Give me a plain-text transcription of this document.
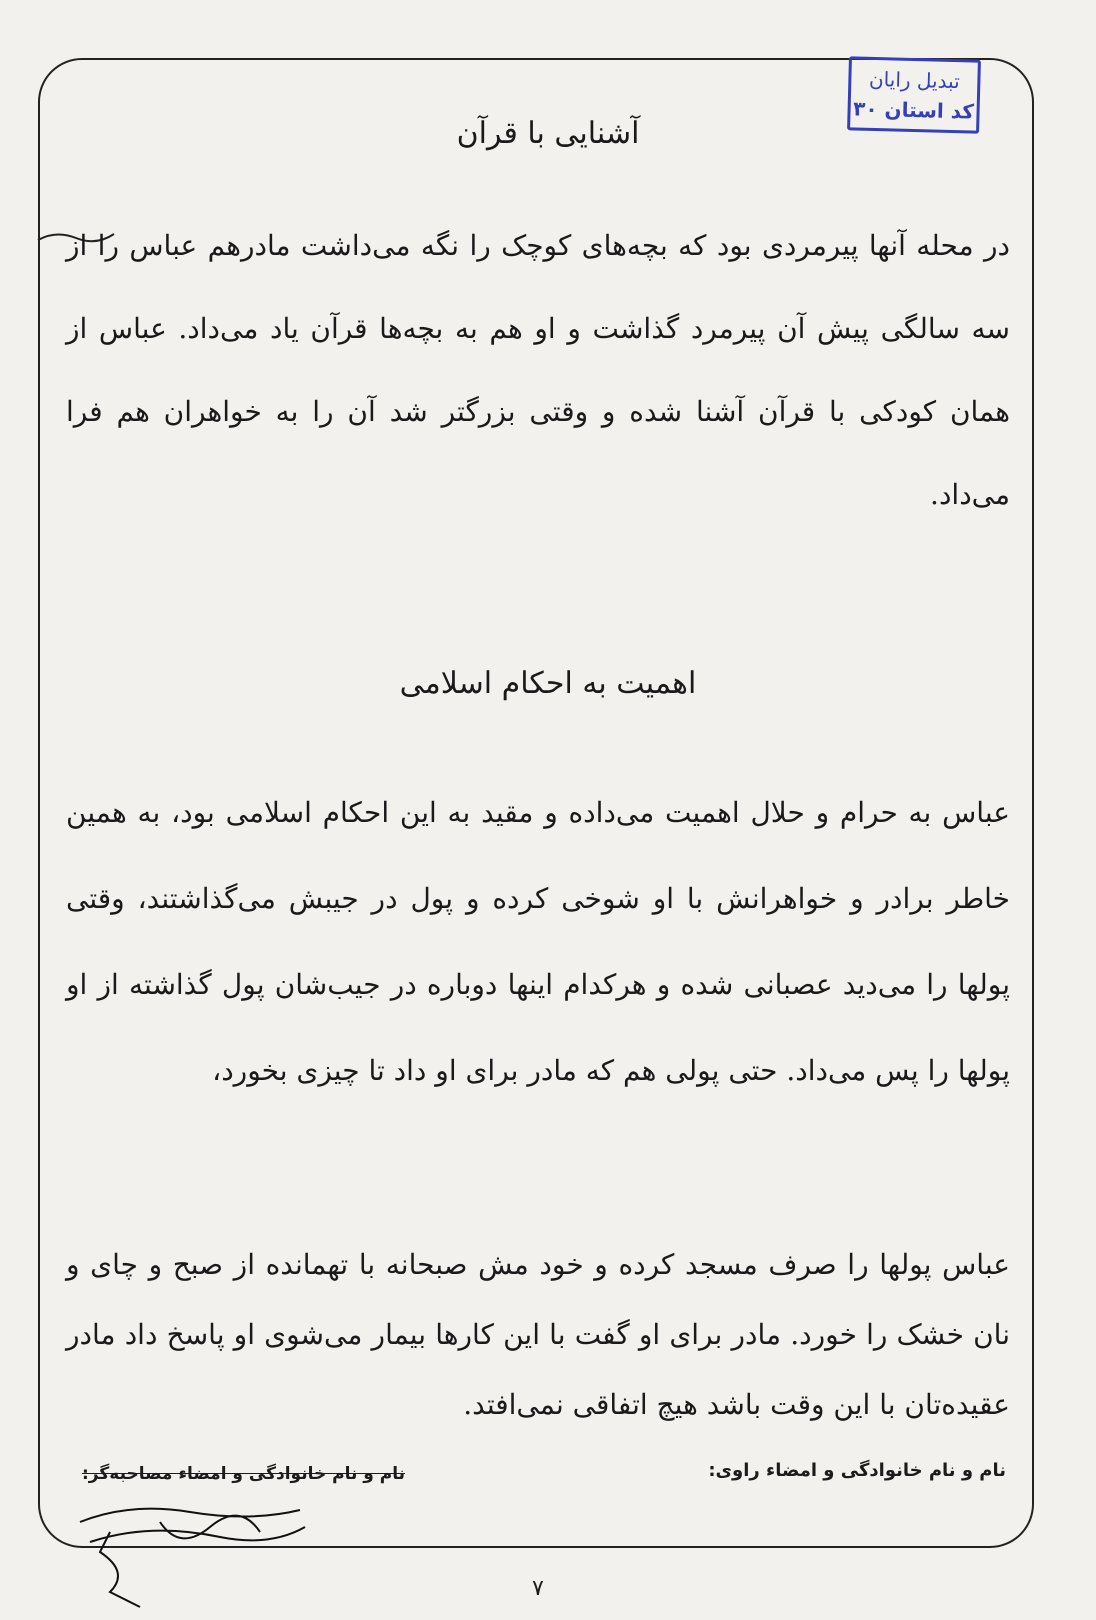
تبدیل رایان
کد استان ۳۰
آشنایی با قرآن

در محله آنها پیرمردی بود که بچه‌های کوچک را نگه می‌داشت مادرهم عباس را از سه سالگی پیش آن پیرمرد گذاشت و او هم به بچه‌ها قرآن یاد می‌داد. عباس از همان کودکی با قرآن آشنا شده و وقتی بزرگتر شد آن را به خواهران هم فرا می‌داد.

اهمیت به احکام اسلامی

عباس به حرام و حلال اهمیت می‌داده و مقید به این احکام اسلامی بود، به همین خاطر برادر و خواهرانش با او شوخی کرده و پول در جیبش می‌گذاشتند، وقتی پولها را می‌دید عصبانی شده و هرکدام اینها دوباره در جیب‌شان پول گذاشته از او پولها را پس می‌داد. حتی پولی هم که مادر برای او داد تا چیزی بخورد،

عباس پولها را صرف مسجد کرده و خود مش صبحانه با تهمانده از صبح و چای و نان خشک را خورد. مادر برای او گفت با این کارها بیمار می‌شوی او پاسخ داد مادر عقیده‌تان با این وقت باشد هیچ اتفاقی نمی‌افتد.

نام و نام خانوادگی و امضاء راوی:
نام و نام خانوادگی و امضاء مصاحبه‌گر:
۷
